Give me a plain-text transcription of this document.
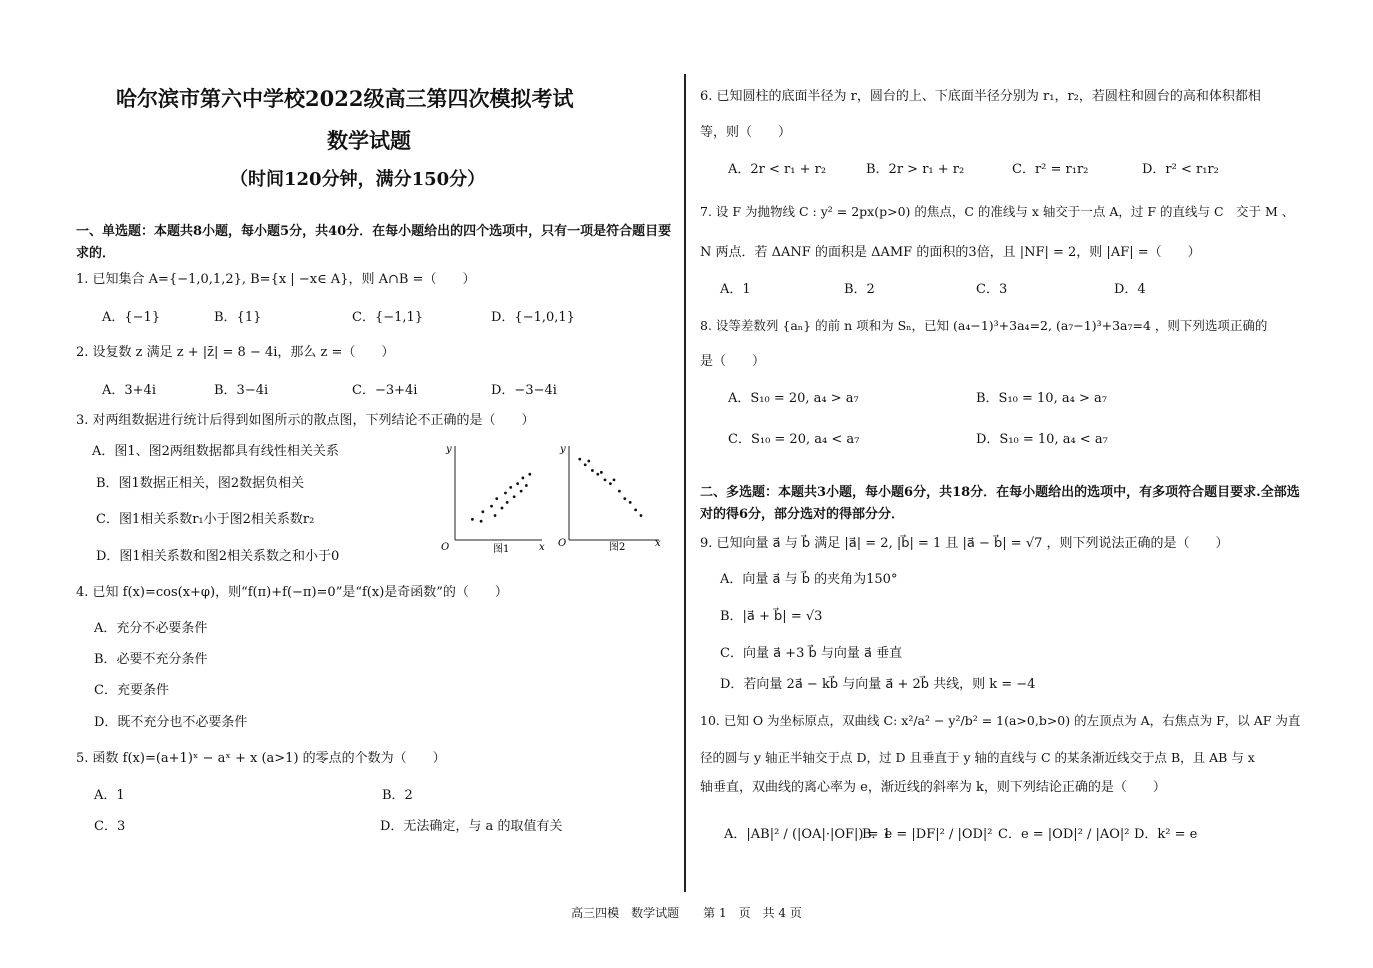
哈尔滨市第六中学校2022级高三第四次模拟考试
数学试题
（时间120分钟，满分150分）
一、单选题：本题共8小题，每小题5分，共40分．在每小题给出的四个选项中，只有一项是符合题目要求的．
1. 已知集合 A={−1,0,1,2}, B={x | −x∈ A}，则 A∩B =（　　）
A．{−1}	B．{1}	C．{−1,1}	D．{−1,0,1}
2. 设复数 z 满足 z + |z̄| = 8 − 4i，那么 z =（　　）
A．3+4i	B．3−4i	C．−3+4i	D．−3−4i
3. 对两组数据进行统计后得到如图所示的散点图，下列结论不正确的是（　　）
A．图1、图2两组数据都具有线性相关关系
B．图1数据正相关，图2数据负相关
C．图1相关系数r₁小于图2相关系数r₂
D．图1相关系数和图2相关系数之和小于0
y
x
O	图1
y
x
O	图2
4. 已知 f(x)=cos(x+φ)，则“f(π)+f(−π)=0”是“f(x)是奇函数”的（　　）
A．充分不必要条件
B．必要不充分条件
C．充要条件
D．既不充分也不必要条件
5. 函数 f(x)=(a+1)ˣ − aˣ + x (a>1) 的零点的个数为（　　）
A．1	B．2
C．3	D．无法确定，与 a 的取值有关
6. 已知圆柱的底面半径为 r，圆台的上、下底面半径分别为 r₁，r₂，若圆柱和圆台的高和体积都相
等，则（　　）
A．2r < r₁ + r₂	B．2r > r₁ + r₂	C．r² = r₁r₂	D．r² < r₁r₂
7. 设 F 为抛物线 C : y² = 2px(p>0) 的焦点，C 的准线与 x 轴交于一点 A，过 F 的直线与 C　交于 M 、
N 两点．若 ΔANF 的面积是 ΔAMF 的面积的3倍，且 |NF| = 2，则 |AF| =（　　）
A．1	B．2	C．3	D．4
8. 设等差数列 {aₙ} 的前 n 项和为 Sₙ，已知 (a₄−1)³+3a₄=2, (a₇−1)³+3a₇=4 ，则下列选项正确的
是（　　）
A．S₁₀ = 20, a₄ > a₇	B．S₁₀ = 10, a₄ > a₇
C．S₁₀ = 20, a₄ < a₇	D．S₁₀ = 10, a₄ < a₇
二、多选题：本题共3小题，每小题6分，共18分．在每小题给出的选项中，有多项符合题目要求.全部选对的得6分，部分选对的得部分分．
9. 已知向量 a⃗ 与 b⃗ 满足 |a⃗| = 2, |b⃗| = 1 且 |a⃗ − b⃗| = √7 ，则下列说法正确的是（　　）
A．向量 a⃗ 与 b⃗ 的夹角为150°
B．|a⃗ + b⃗| = √3
C．向量 a⃗ +3 b⃗ 与向量 a⃗ 垂直
D．若向量 2a⃗ − kb⃗ 与向量 a⃗ + 2b⃗ 共线，则 k = −4
10. 已知 O 为坐标原点，双曲线 C: x²/a² − y²/b² = 1(a>0,b>0) 的左顶点为 A，右焦点为 F，以 AF 为直
径的圆与 y 轴正半轴交于点 D，过 D 且垂直于 y 轴的直线与 C 的某条渐近线交于点 B，且 AB 与 x
轴垂直，双曲线的离心率为 e，渐近线的斜率为 k，则下列结论正确的是（　　）
A．|AB|² / (|OA|·|OF|) = 1
B．e = |DF|² / |OD|² C．e = |OD|² / |AO|² D．k² = e
高三四模　数学试题　　第 1　页　共 4 页
